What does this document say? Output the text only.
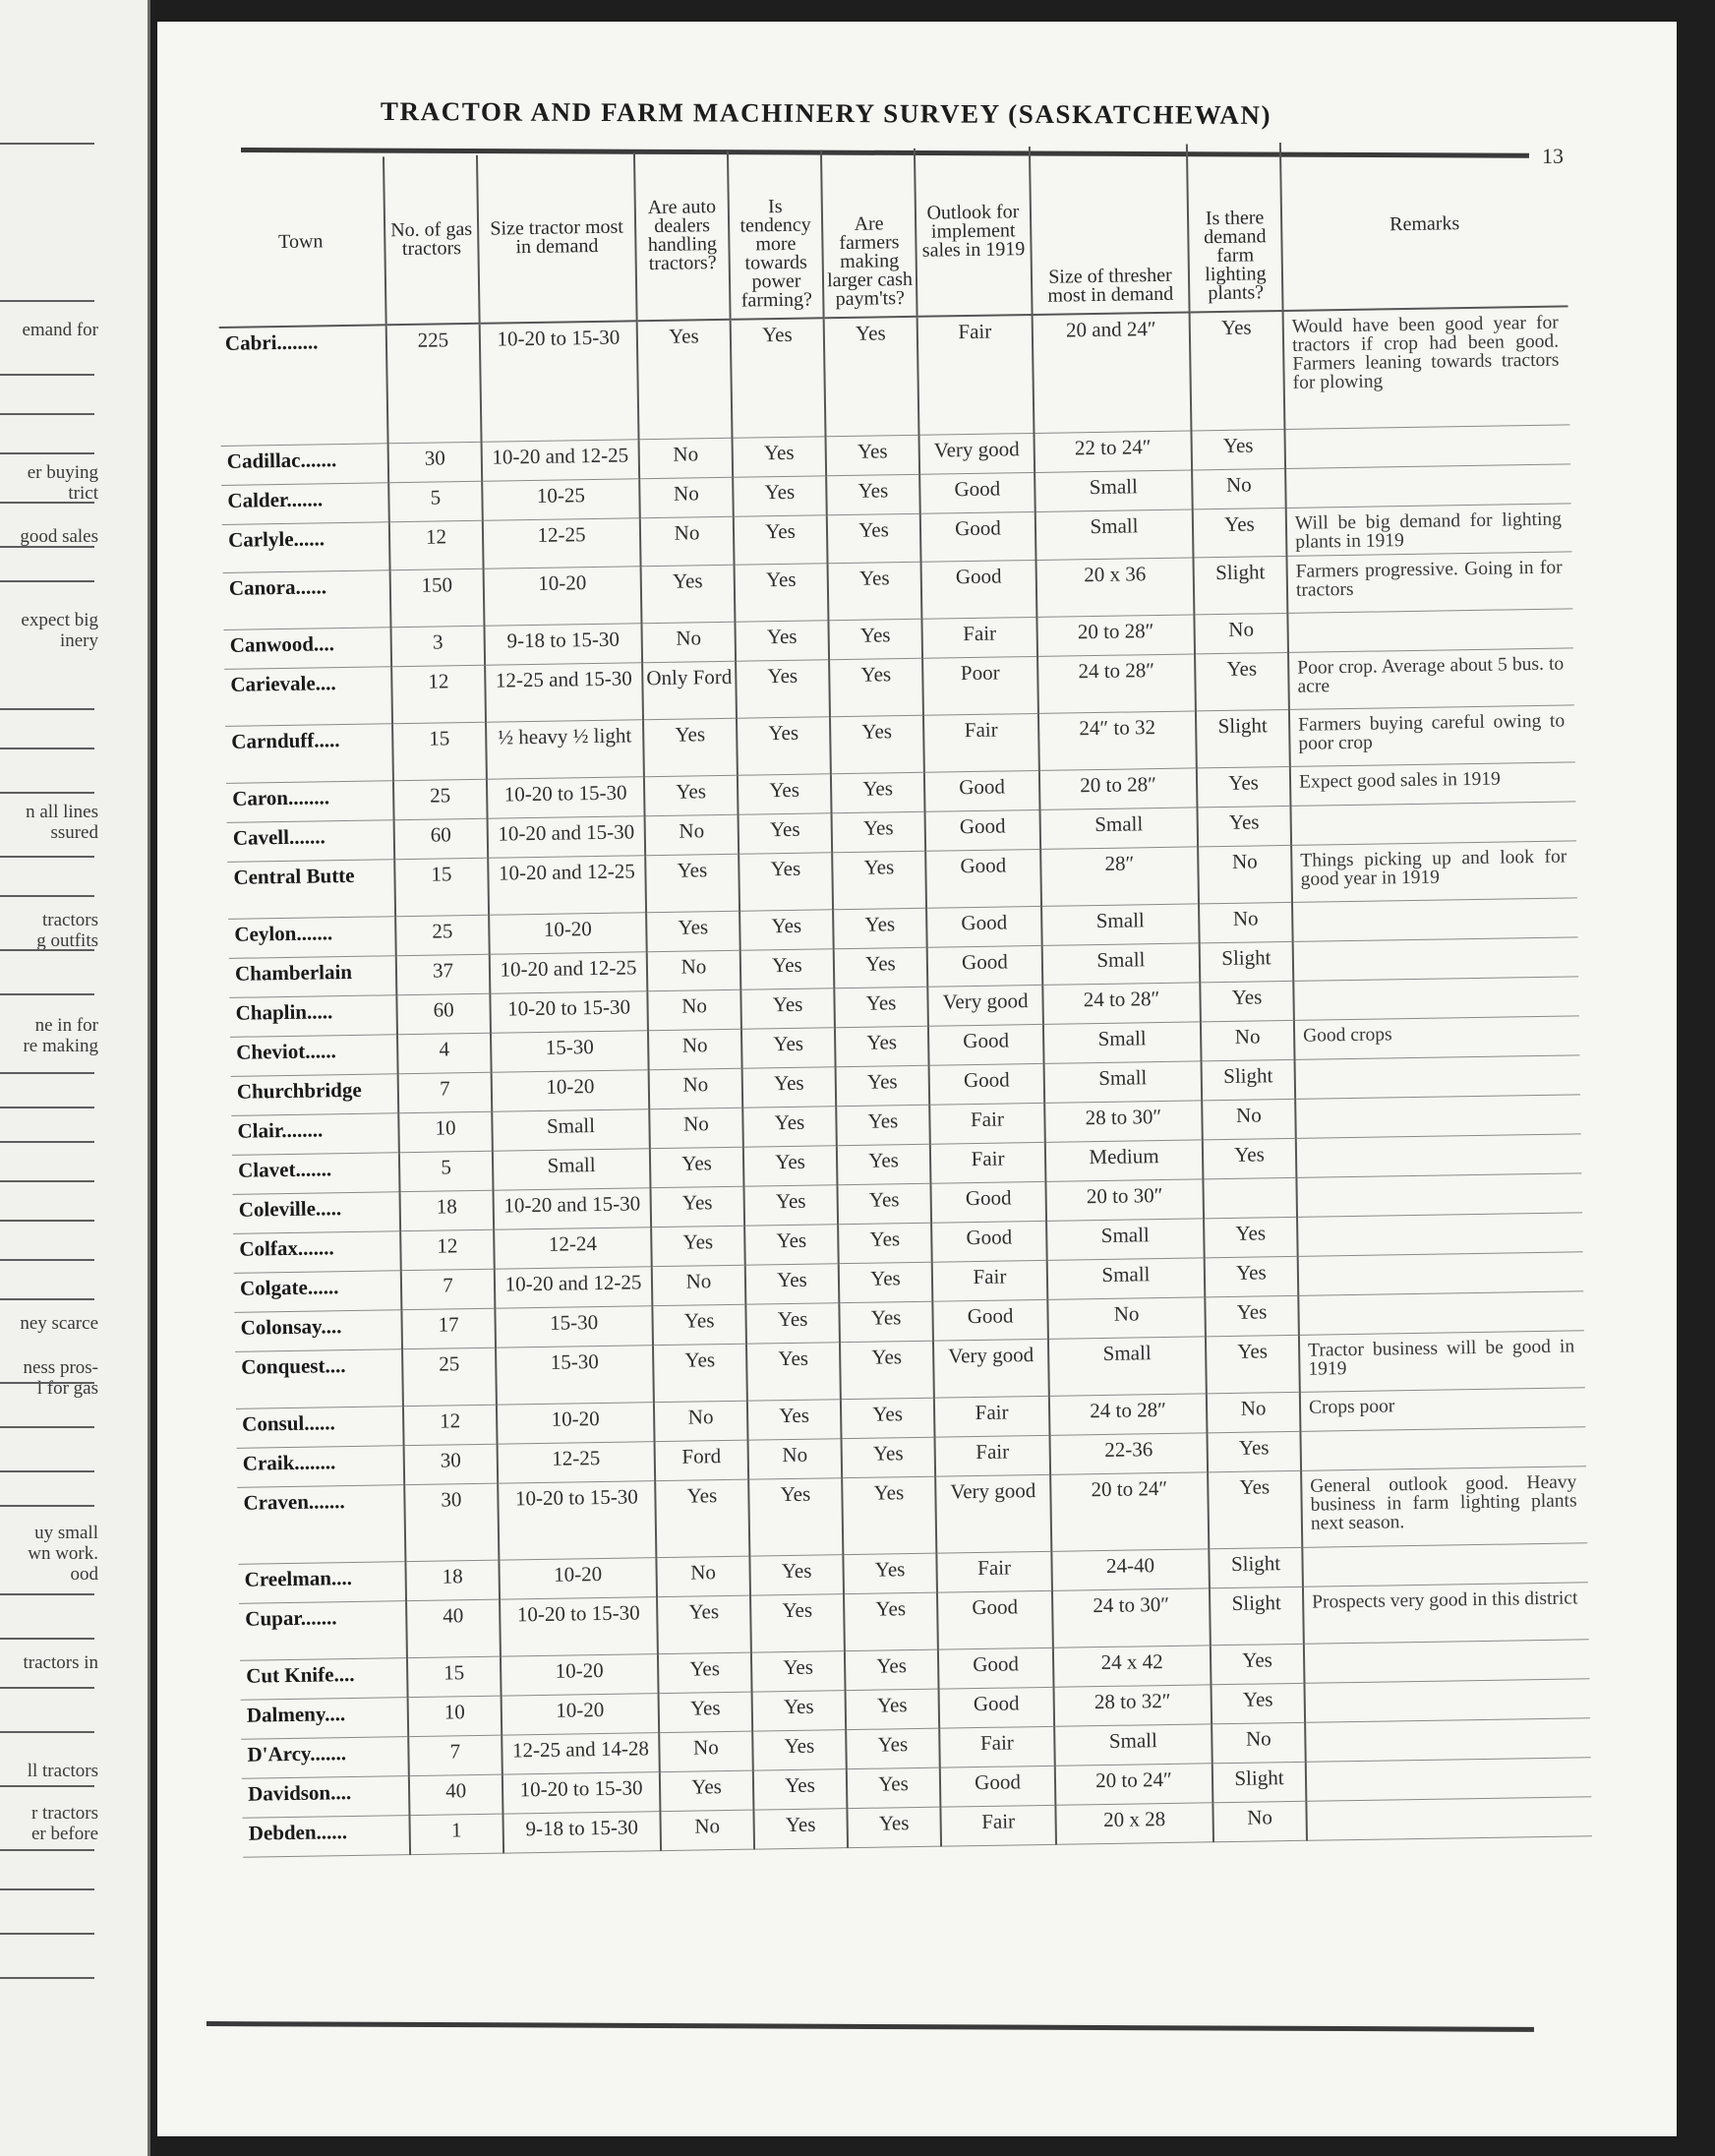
emand for
er buying
trict
good sales
expect big
inery
n all lines
ssured
tractors
g outfits
ne in for
re making
ney scarce
ness pros-
l for gas
uy small
wn work.
ood
tractors in
ll tractors
r tractors
er before
TRACTOR AND FARM MACHINERY SURVEY (SASKATCHEWAN)
13
Town	No. of gas tractors	Size tractor most in demand	Are auto dealers handling tractors?	Is tendency more towards power farming?	Are farmers making larger cash paym'ts?	Outlook for implement sales in 1919	Size of thresher most in demand	Is there demand farm lighting plants?	Remarks
Cabri........	225	10-20 to 15-30	Yes	Yes	Yes	Fair	20 and 24″	Yes	Would have been good year for tractors if crop had been good. Farmers leaning towards tractors for plowing
Cadillac.......	30	10-20 and 12-25	No	Yes	Yes	Very good	22 to 24″	Yes	
Calder.......	5	10-25	No	Yes	Yes	Good	Small	No	
Carlyle......	12	12-25	No	Yes	Yes	Good	Small	Yes	Will be big demand for lighting plants in 1919
Canora......	150	10-20	Yes	Yes	Yes	Good	20 x 36	Slight	Farmers progressive. Going in for tractors
Canwood....	3	9-18 to 15-30	No	Yes	Yes	Fair	20 to 28″	No	
Carievale....	12	12-25 and 15-30	Only Ford	Yes	Yes	Poor	24 to 28″	Yes	Poor crop. Average about 5 bus. to acre
Carnduff.....	15	½ heavy ½ light	Yes	Yes	Yes	Fair	24″ to 32	Slight	Farmers buying careful owing to poor crop
Caron........	25	10-20 to 15-30	Yes	Yes	Yes	Good	20 to 28″	Yes	Expect good sales in 1919
Cavell.......	60	10-20 and 15-30	No	Yes	Yes	Good	Small	Yes	
Central Butte	15	10-20 and 12-25	Yes	Yes	Yes	Good	28″	No	Things picking up and look for good year in 1919
Ceylon.......	25	10-20	Yes	Yes	Yes	Good	Small	No	
Chamberlain	37	10-20 and 12-25	No	Yes	Yes	Good	Small	Slight	
Chaplin.....	60	10-20 to 15-30	No	Yes	Yes	Very good	24 to 28″	Yes	
Cheviot......	4	15-30	No	Yes	Yes	Good	Small	No	Good crops
Churchbridge	7	10-20	No	Yes	Yes	Good	Small	Slight	
Clair........	10	Small	No	Yes	Yes	Fair	28 to 30″	No	
Clavet.......	5	Small	Yes	Yes	Yes	Fair	Medium	Yes	
Coleville.....	18	10-20 and 15-30	Yes	Yes	Yes	Good	20 to 30″		
Colfax.......	12	12-24	Yes	Yes	Yes	Good	Small	Yes	
Colgate......	7	10-20 and 12-25	No	Yes	Yes	Fair	Small	Yes	
Colonsay....	17	15-30	Yes	Yes	Yes	Good	No	Yes	
Conquest....	25	15-30	Yes	Yes	Yes	Very good	Small	Yes	Tractor business will be good in 1919
Consul......	12	10-20	No	Yes	Yes	Fair	24 to 28″	No	Crops poor
Craik........	30	12-25	Ford	No	Yes	Fair	22-36	Yes	
Craven.......	30	10-20 to 15-30	Yes	Yes	Yes	Very good	20 to 24″	Yes	General outlook good. Heavy business in farm lighting plants next season.
Creelman....	18	10-20	No	Yes	Yes	Fair	24-40	Slight	
Cupar.......	40	10-20 to 15-30	Yes	Yes	Yes	Good	24 to 30″	Slight	Prospects very good in this district
Cut Knife....	15	10-20	Yes	Yes	Yes	Good	24 x 42	Yes	
Dalmeny....	10	10-20	Yes	Yes	Yes	Good	28 to 32″	Yes	
D'Arcy.......	7	12-25 and 14-28	No	Yes	Yes	Fair	Small	No	
Davidson....	40	10-20 to 15-30	Yes	Yes	Yes	Good	20 to 24″	Slight	
Debden......	1	9-18 to 15-30	No	Yes	Yes	Fair	20 x 28	No	
